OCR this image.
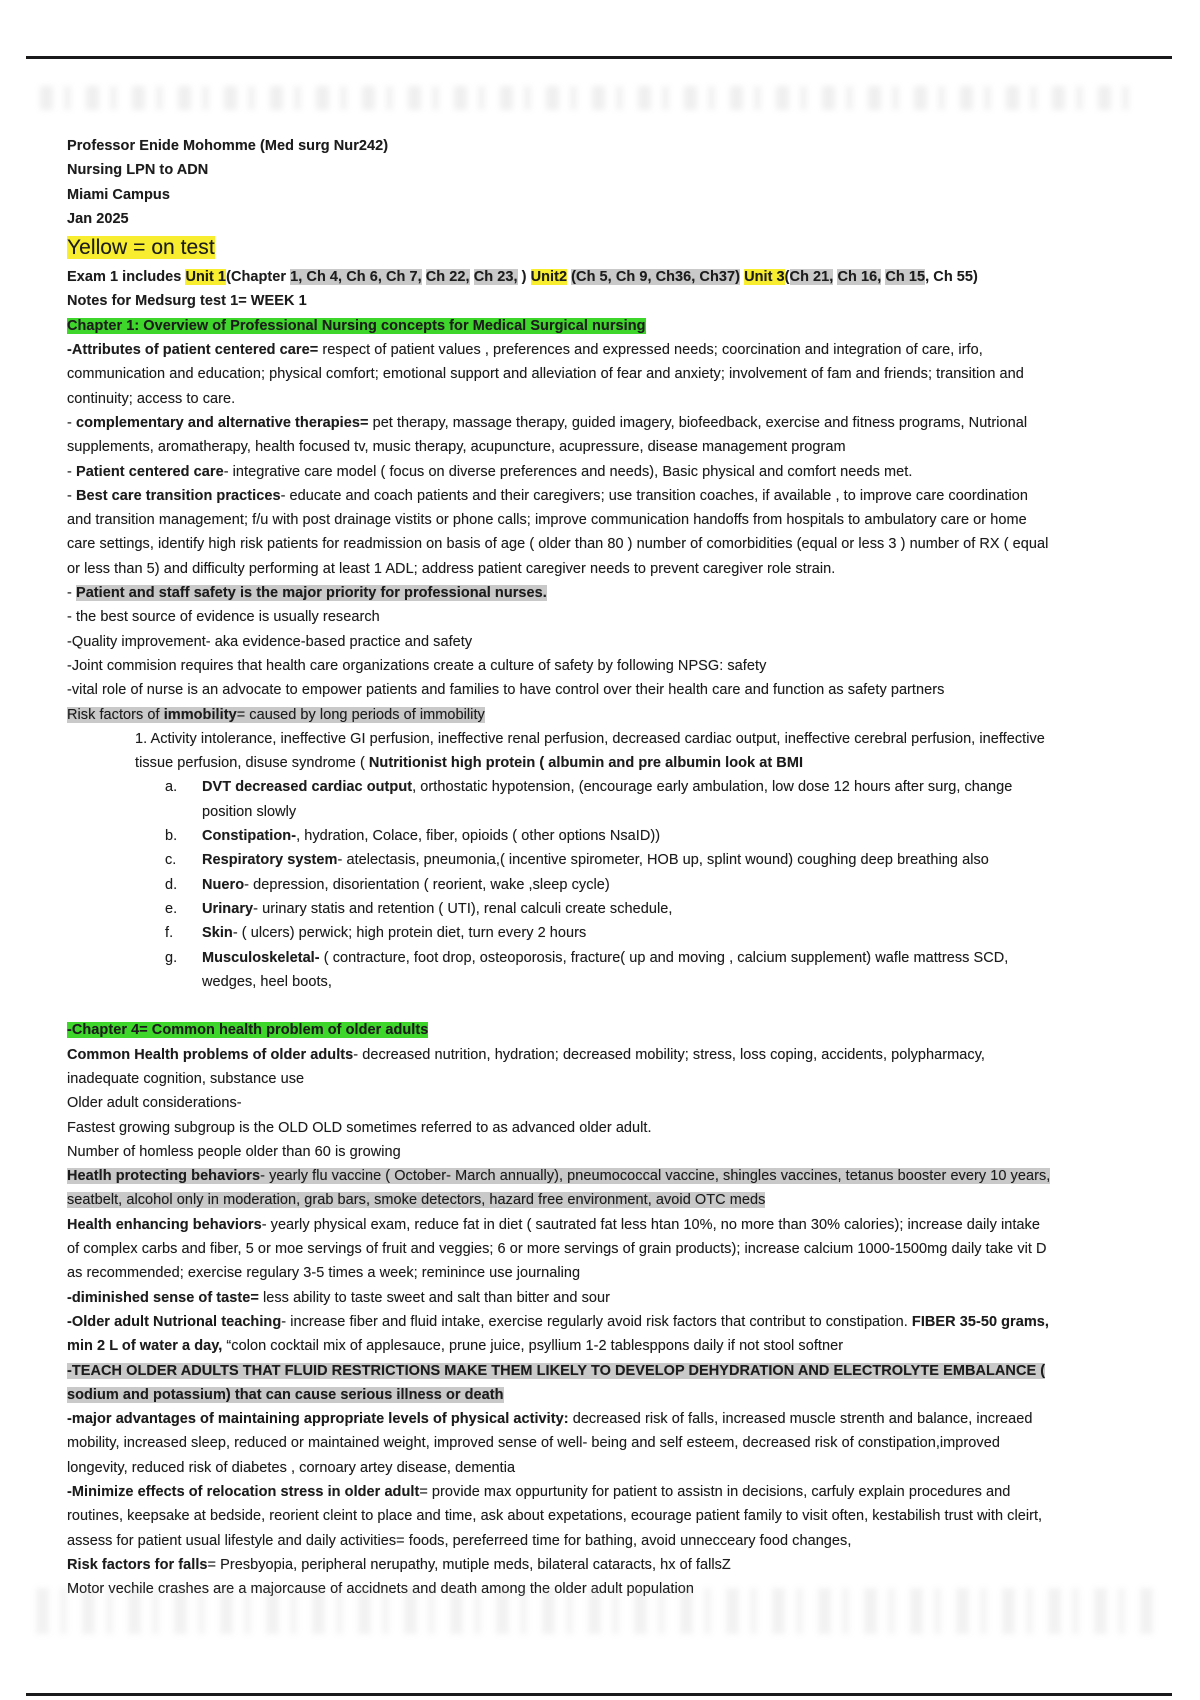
Professor Enide Mohomme (Med surg Nur242)
Nursing LPN to ADN
Miami Campus
Jan 2025
Yellow = on test
Exam 1 includes Unit 1(Chapter 1, Ch 4, Ch 6, Ch 7, Ch 22, Ch 23, ) Unit2 (Ch 5, Ch 9, Ch36, Ch37) Unit 3(Ch 21, Ch 16, Ch 15, Ch 55)
Notes for Medsurg test 1= WEEK 1
Chapter 1: Overview of Professional Nursing concepts for Medical Surgical nursing
-Attributes of patient centered care= respect of patient values , preferences and expressed needs; coorcination and integration of care, irfo, communication and education; physical comfort; emotional support and alleviation of fear and anxiety; involvement of fam and friends; transition and continuity; access to care.
- complementary and alternative therapies= pet therapy, massage therapy, guided imagery, biofeedback, exercise and fitness programs, Nutrional supplements, aromatherapy, health focused tv, music therapy, acupuncture, acupressure, disease management program
- Patient centered care- integrative care model ( focus on diverse preferences and needs), Basic physical and comfort needs met.
- Best care transition practices- educate and coach patients and their caregivers; use transition coaches, if available , to improve care coordination and transition management; f/u with post drainage vistits or phone calls; improve communication handoffs from hospitals to ambulatory care or home care settings, identify high risk patients for readmission on basis of age ( older than 80 ) number of comorbidities (equal or less 3 ) number of RX ( equal or less than 5) and difficulty performing at least 1 ADL; address patient caregiver needs to prevent caregiver role strain.
- Patient and staff safety is the major priority for professional nurses.
- the best source of evidence is usually research
-Quality improvement- aka evidence-based practice and safety
-Joint commision requires that health care organizations create a culture of safety by following NPSG: safety
-vital role of nurse is an advocate to empower patients and families to have control over their health care and function as safety partners
Risk factors of immobility= caused by long periods of immobility
1. Activity intolerance, ineffective GI perfusion, ineffective renal perfusion, decreased cardiac output, ineffective cerebral perfusion, ineffective tissue perfusion, disuse syndrome ( Nutritionist high protein ( albumin and pre albumin look at BMI
a.	DVT decreased cardiac output, orthostatic hypotension, (encourage early ambulation, low dose 12 hours after surg, change position slowly
b.	Constipation-, hydration, Colace, fiber, opioids ( other options NsaID))
c.	Respiratory system- atelectasis, pneumonia,( incentive spirometer, HOB up, splint wound) coughing deep breathing also
d.	Nuero- depression, disorientation ( reorient, wake ,sleep cycle)
e.	Urinary- urinary statis and retention ( UTI), renal calculi create schedule,
f.	Skin- ( ulcers) perwick; high protein diet, turn every 2 hours
g.	Musculoskeletal- ( contracture, foot drop, osteoporosis, fracture( up and moving , calcium supplement) wafle mattress SCD, wedges, heel boots,
-Chapter 4= Common health problem of older adults
Common Health problems of older adults- decreased nutrition, hydration; decreased mobility; stress, loss coping, accidents, polypharmacy, inadequate cognition, substance use
Older adult considerations-
Fastest growing subgroup is the OLD OLD sometimes referred to as advanced older adult.
Number of homless people older than 60 is growing
Heatlh protecting behaviors- yearly flu vaccine ( October- March annually), pneumococcal vaccine, shingles vaccines, tetanus booster every 10 years, seatbelt, alcohol only in moderation, grab bars, smoke detectors, hazard free environment, avoid OTC meds
Health enhancing behaviors- yearly physical exam, reduce fat in diet ( sautrated fat less htan 10%, no more than 30% calories); increase daily intake of complex carbs and fiber, 5 or moe servings of fruit and veggies; 6 or more servings of grain products); increase calcium 1000-1500mg daily take vit D as recommended; exercise regulary 3-5 times a week; reminince use journaling
-diminished sense of taste= less ability to taste sweet and salt than bitter and sour
-Older adult Nutrional teaching- increase fiber and fluid intake, exercise regularly avoid risk factors that contribut to constipation. FIBER 35-50 grams, min 2 L of water a day, “colon cocktail mix of applesauce, prune juice, psyllium 1-2 tablesppons daily if not stool softner
-TEACH OLDER ADULTS THAT FLUID RESTRICTIONS MAKE THEM LIKELY TO DEVELOP DEHYDRATION AND ELECTROLYTE EMBALANCE ( sodium and potassium) that can cause serious illness or death
-major advantages of maintaining appropriate levels of physical activity: decreased risk of falls, increased muscle strenth and balance, increaed mobility, increased sleep, reduced or maintained weight, improved sense of well- being and self esteem, decreased risk of constipation,improved longevity, reduced risk of diabetes , cornoary artey disease, dementia
-Minimize effects of relocation stress in older adult= provide max oppurtunity for patient to assistn in decisions, carfuly explain procedures and routines, keepsake at bedside, reorient cleint to place and time, ask about expetations, ecourage patient family to visit often, kestabilish trust with cleirt, assess for patient usual lifestyle and daily activities= foods, pereferreed time for bathing, avoid unnecceary food changes,
Risk factors for falls= Presbyopia, peripheral nerupathy, mutiple meds, bilateral cataracts, hx of fallsZ
Motor vechile crashes are a majorcause of accidnets and death among the older adult population
